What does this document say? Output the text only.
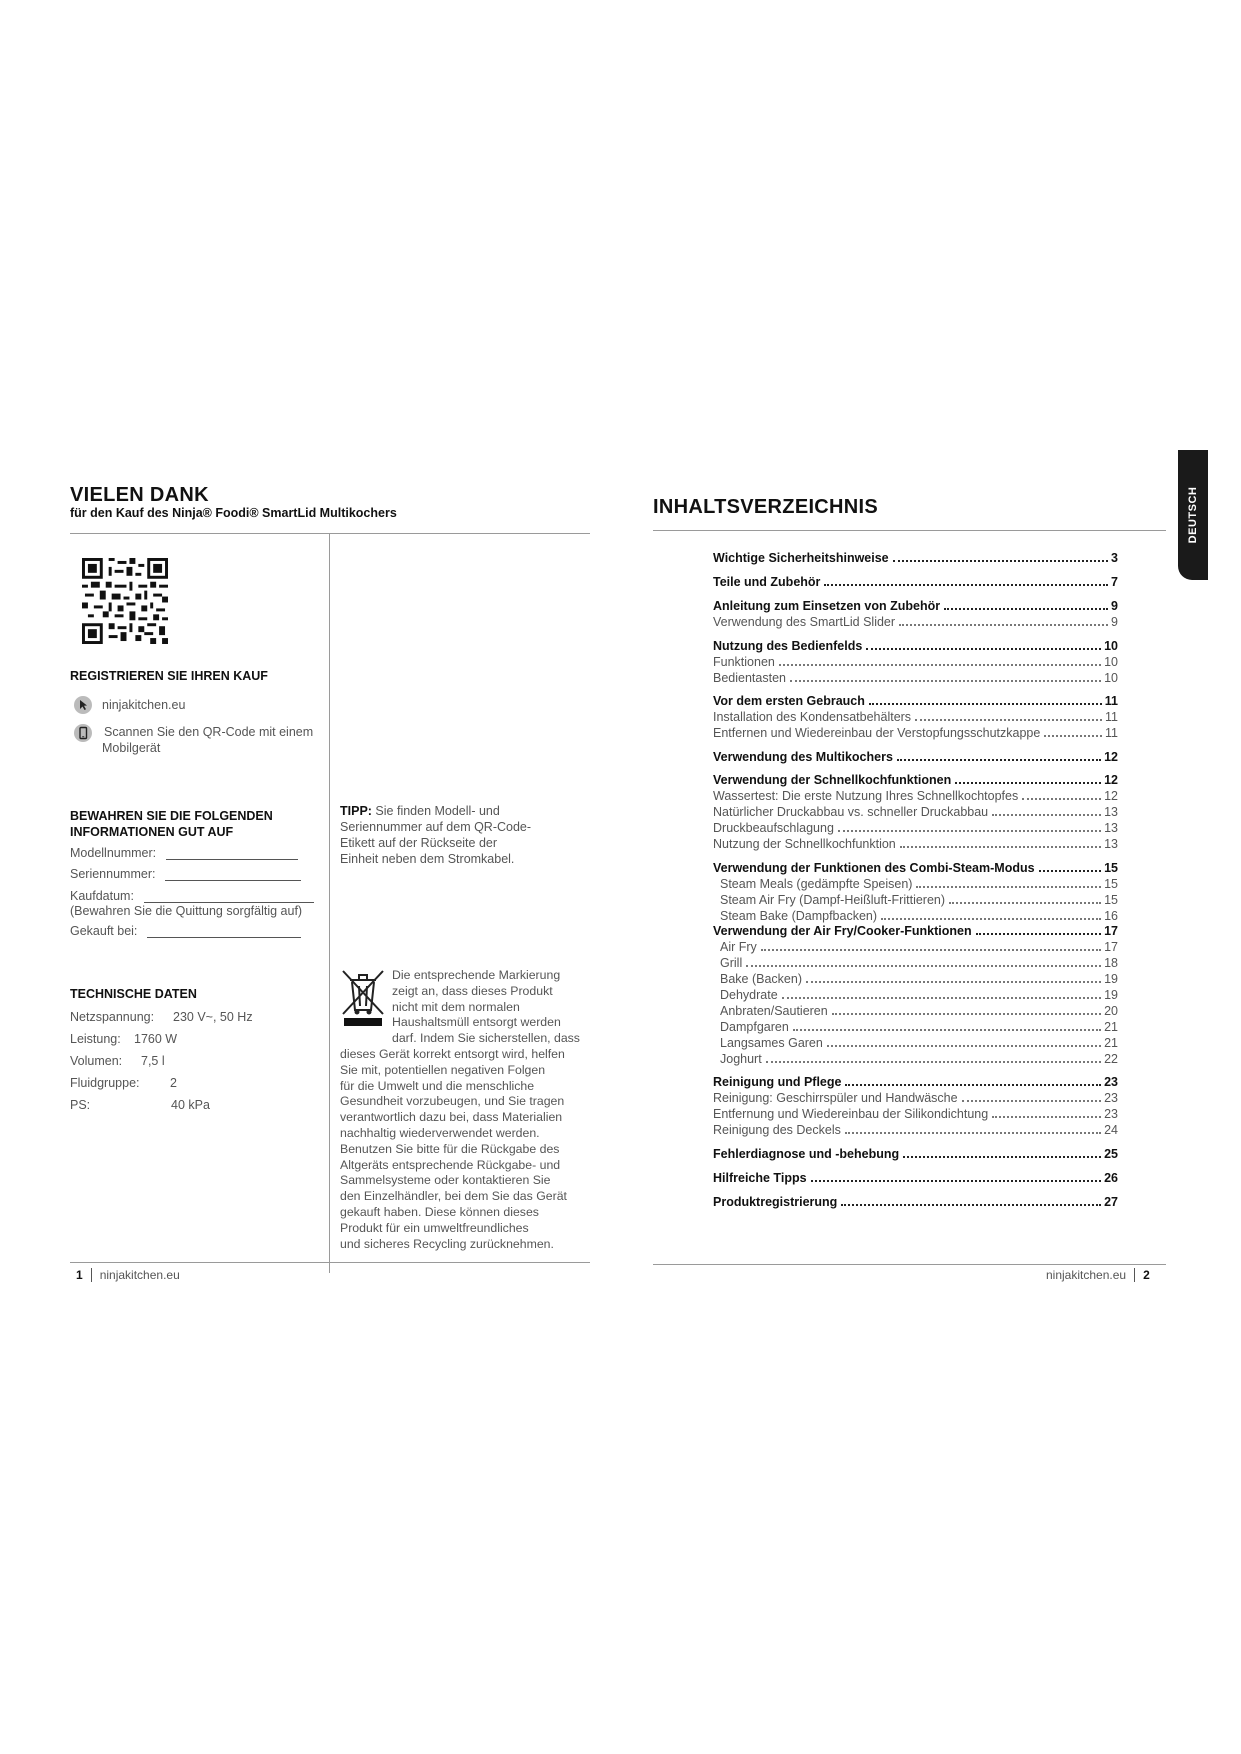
VIELEN DANK
für den Kauf des Ninja® Foodi® SmartLid Multikochers
REGISTRIEREN SIE IHREN KAUF
ninjakitchen.eu
Scannen Sie den QR-Code mit einem
Mobilgerät
BEWAHREN SIE DIE FOLGENDEN
INFORMATIONEN GUT AUF
Modellnummer:
Seriennummer:
Kaufdatum:
(Bewahren Sie die Quittung sorgfältig auf)
Gekauft bei:
TECHNISCHE DATEN
Netzspannung: 230 V~, 50 Hz
Leistung: 1760 W
Volumen: 7,5 l
Fluidgruppe: 2
PS:	40 kPa
TIPP: Sie finden Modell- und
Seriennummer auf dem QR-Code-
Etikett auf der Rückseite der
Einheit neben dem Stromkabel.
Die entsprechende Markierung
zeigt an, dass dieses Produkt
nicht mit dem normalen
Haushaltsmüll entsorgt werden
darf. Indem Sie sicherstellen, dass
dieses Gerät korrekt entsorgt wird, helfen
Sie mit, potentiellen negativen Folgen
für die Umwelt und die menschliche
Gesundheit vorzubeugen, und Sie tragen
verantwortlich dazu bei, dass Materialien
nachhaltig wiederverwendet werden.
Benutzen Sie bitte für die Rückgabe des
Altgeräts entsprechende Rückgabe- und
Sammelsysteme oder kontaktieren Sie
den Einzelhändler, bei dem Sie das Gerät
gekauft haben. Diese können dieses
Produkt für ein umweltfreundliches
und sicheres Recycling zurücknehmen.
1 ninjakitchen.eu
INHALTSVERZEICHNIS	DEUTSCH
Wichtige Sicherheitshinweise	3
Teile und Zubehör	7
Anleitung zum Einsetzen von Zubehör	9
Verwendung des SmartLid Slider	9
Nutzung des Bedienfelds	10
Funktionen	10
Bedientasten	10
Vor dem ersten Gebrauch	11
Installation des Kondensatbehälters	11
Entfernen und Wiedereinbau der Verstopfungsschutzkappe	11
Verwendung des Multikochers	12
Verwendung der Schnellkochfunktionen	12
Wassertest: Die erste Nutzung Ihres Schnellkochtopfes	12
Natürlicher Druckabbau vs. schneller Druckabbau	13
Druckbeaufschlagung	13
Nutzung der Schnellkochfunktion	13
Verwendung der Funktionen des Combi-Steam-Modus	15
Steam Meals (gedämpfte Speisen)	15
Steam Air Fry (Dampf-Heißluft-Frittieren)	15
Steam Bake (Dampfbacken)	16
Verwendung der Air Fry/Cooker-Funktionen	17
Air Fry	17
Grill	18
Bake (Backen)	19
Dehydrate	19
Anbraten/Sautieren	20
Dampfgaren	21
Langsames Garen	21
Joghurt	22
Reinigung und Pflege	23
Reinigung: Geschirrspüler und Handwäsche	23
Entfernung und Wiedereinbau der Silikondichtung	23
Reinigung des Deckels	24
Fehlerdiagnose und -behebung	25
Hilfreiche Tipps	26
Produktregistrierung	27
ninjakitchen.eu 2
